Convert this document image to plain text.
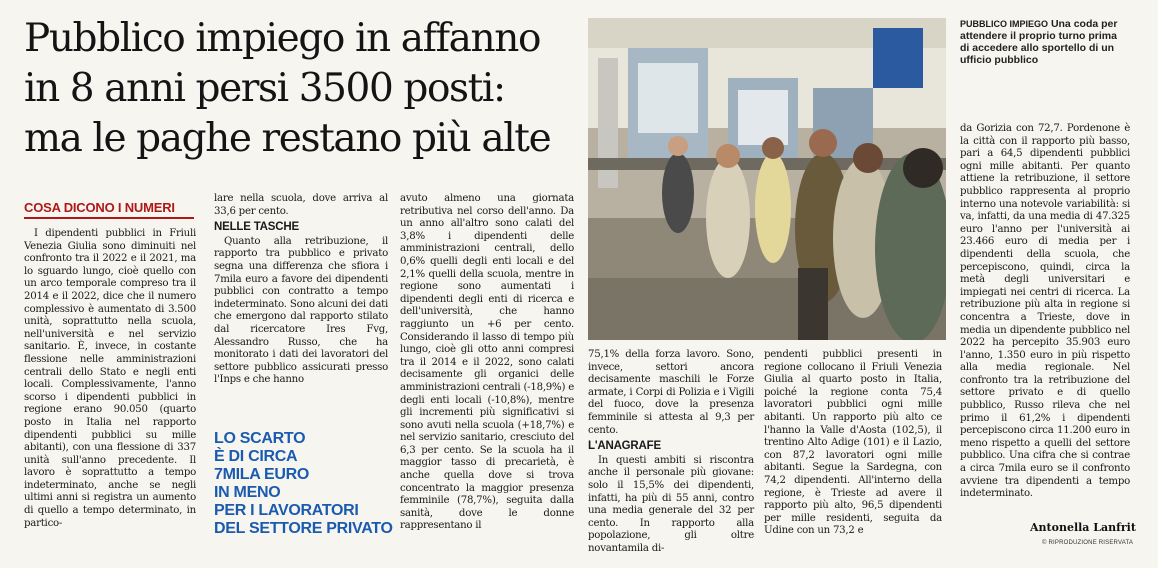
Pubblico impiego in affanno
in 8 anni persi 3500 posti:
ma le paghe restano più alte
COSA DICONO I NUMERI

I dipendenti pubblici in Friuli Venezia Giulia sono diminuiti nel confronto tra il 2022 e il 2021, ma lo sguardo lungo, cioè quello con un arco temporale compreso tra il 2014 e il 2022, dice che il numero complessivo è aumentato di 3.500 unità, soprattutto nella scuola, nell'università e nel servizio sanitario. È, invece, in costante flessione nelle amministrazioni centrali dello Stato e negli enti locali. Complessivamente, l'anno scorso i dipendenti pubblici in regione erano 90.050 (quarto posto in Italia nel rapporto dipendenti pubblici su mille abitanti), con una flessione di 337 unità sull'anno precedente. Il lavoro è soprattutto a tempo indeterminato, anche se negli ultimi anni si registra un aumento di quello a tempo determinato, in partico-

lare nella scuola, dove arriva al 33,6 per cento.

NELLE TASCHE

Quanto alla retribuzione, il rapporto tra pubblico e privato segna una differenza che sfiora i 7mila euro a favore dei dipendenti pubblici con contratto a tempo indeterminato. Sono alcuni dei dati che emergono dal rapporto stilato dal ricercatore Ires Fvg, Alessandro Russo, che ha monitorato i dati dei lavoratori del settore pubblico assicurati presso l'Inps e che hanno

LO SCARTO
È DI CIRCA
7MILA EURO
IN MENO
PER I LAVORATORI
DEL SETTORE PRIVATO

avuto almeno una giornata retributiva nel corso dell'anno. Da un anno all'altro sono calati del 3,8% i dipendenti delle amministrazioni centrali, dello 0,6% quelli degli enti locali e del 2,1% quelli della scuola, mentre in regione sono aumentati i dipendenti degli enti di ricerca e dell'università, che hanno raggiunto un +6 per cento. Considerando il lasso di tempo più lungo, cioè gli otto anni compresi tra il 2014 e il 2022, sono calati decisamente gli organici delle amministrazioni centrali (-18,9%) e degli enti locali (-10,8%), mentre gli incrementi più significativi si sono avuti nella scuola (+18,7%) e nel servizio sanitario, cresciuto del 6,3 per cento. Se la scuola ha il maggior tasso di precarietà, è anche quella dove si trova concentrato la maggior presenza femminile (78,7%), seguita dalla sanità, dove le donne rappresentano il

PUBBLICO IMPIEGO Una coda per attendere il proprio turno prima di accedere allo sportello di un ufficio pubblico

75,1% della forza lavoro. Sono, invece, settori ancora decisamente maschili le Forze armate, i Corpi di Polizia e i Vigili del fuoco, dove la presenza femminile si attesta al 9,3 per cento.

L'ANAGRAFE

In questi ambiti si riscontra anche il personale più giovane: solo il 15,5% dei dipendenti, infatti, ha più di 55 anni, contro una media generale del 32 per cento. In rapporto alla popolazione, gli oltre novantamila di-

pendenti pubblici presenti in regione collocano il Friuli Venezia Giulia al quarto posto in Italia, poiché la regione conta 75,4 lavoratori pubblici ogni mille abitanti. Un rapporto più alto ce l'hanno la Valle d'Aosta (102,5), il trentino Alto Adige (101) e il Lazio, con 87,2 lavoratori ogni mille abitanti. Segue la Sardegna, con 74,2 dipendenti. All'interno della regione, è Trieste ad avere il rapporto più alto, 96,5 dipendenti per mille residenti, seguita da Udine con un 73,2 e

da Gorizia con 72,7. Pordenone è la città con il rapporto più basso, pari a 64,5 dipendenti pubblici ogni mille abitanti. Per quanto attiene la retribuzione, il settore pubblico rappresenta al proprio interno una notevole variabilità: si va, infatti, da una media di 47.325 euro l'anno per l'università ai 23.466 euro di media per i dipendenti della scuola, che percepiscono, quindi, circa la metà degli universitari e impiegati nei centri di ricerca. La retribuzione più alta in regione si concentra a Trieste, dove in media un dipendente pubblico nel 2022 ha percepito 35.903 euro l'anno, 1.350 euro in più rispetto alla media regionale. Nel confronto tra la retribuzione del settore privato e di quello pubblico, Russo rileva che nel primo il 61,2% i dipendenti percepiscono circa 11.200 euro in meno rispetto a quelli del settore pubblico. Una cifra che si contrae a circa 7mila euro se il confronto avviene tra dipendenti a tempo indeterminato.

Antonella Lanfrit
© RIPRODUZIONE RISERVATA
